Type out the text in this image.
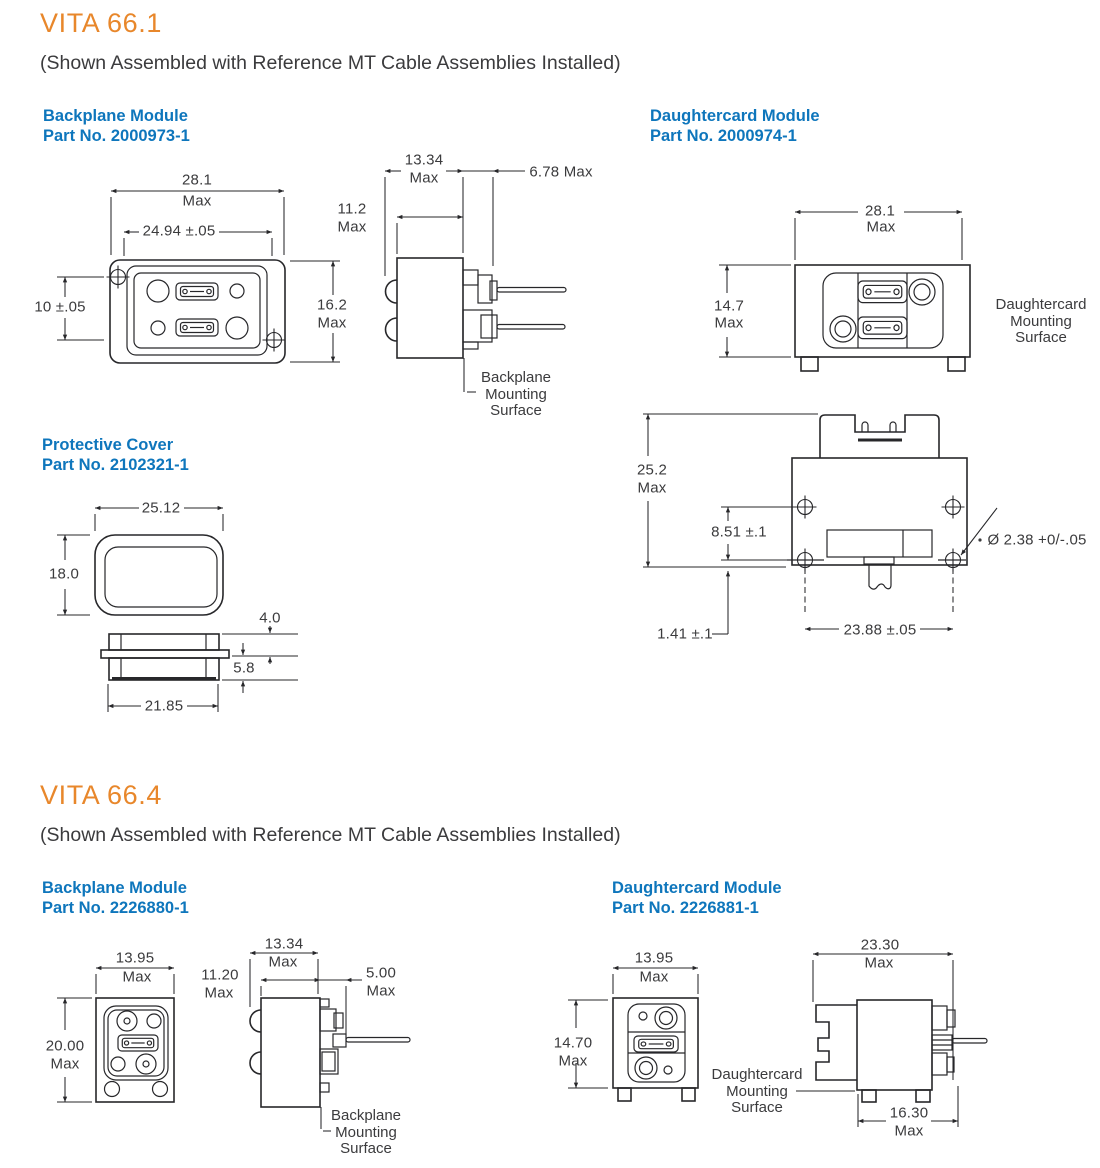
VITA 66.1
(Shown Assembled with Reference MT Cable Assemblies Installed)
VITA 66.4
(Shown Assembled with Reference MT Cable Assemblies Installed)
Backplane Module
Part No. 2000973-1
Daughtercard Module
Part No. 2000974-1
Protective Cover
Part No. 2102321-1
Backplane Module
Part No. 2226880-1
Daughtercard Module
Part No. 2226881-1
28.1
Max
24.94 ±.05
10 ±.05	16.2
Max
13.34
Max	6.78 Max
11.2
Max
Backplane
Mounting
Surface
28.1
Max
14.7
Max
Daughtercard
Mounting
Surface
25.2
Max
8.51 ±.1	Ø 2.38 +0/-.05
1.41 ±.1	23.88 ±.05
25.12
18.0
4.0
5.8
21.85
13.95
Max
20.00
Max
13.34
Max
11.20
Max
5.00
Max
Backplane
Mounting
Surface
13.95
Max
14.70
Max
Daughtercard
Mounting
Surface
23.30
Max
16.30
Max
